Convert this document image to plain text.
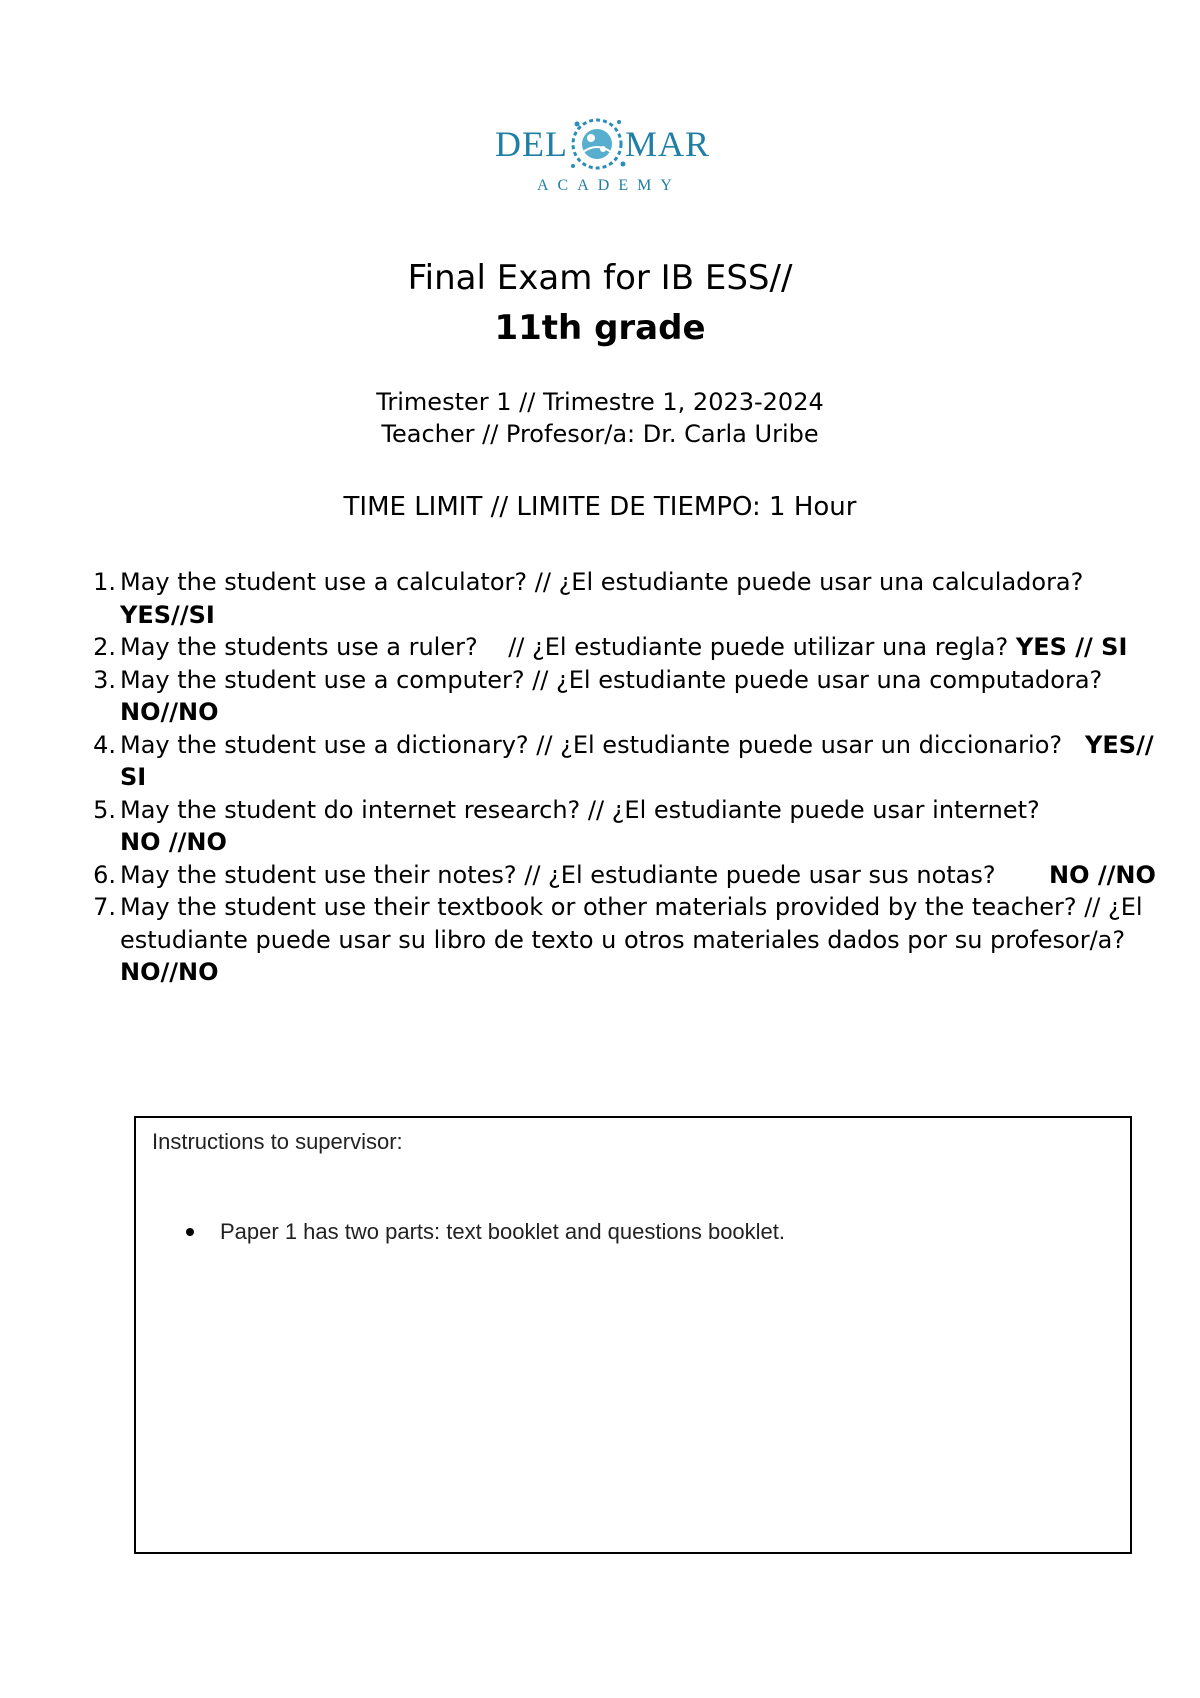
DEL MAR
ACADEMY
Final Exam for IB ESS//
11th grade
Trimester 1 // Trimestre 1, 2023-2024
Teacher // Profesor/a: Dr. Carla Uribe
TIME LIMIT // LIMITE DE TIEMPO: 1 Hour
1. May the student use a calculator? // ¿El estudiante puede usar una calculadora?
YES//SI
2. May the students use a ruler?    // ¿El estudiante puede utilizar una regla? YES // SI
3. May the student use a computer? // ¿El estudiante puede usar una computadora?
NO//NO
4. May the student use a dictionary? // ¿El estudiante puede usar un diccionario? YES// SI
5. May the student do internet research? // ¿El estudiante puede usar internet?
NO //NO
6. May the student use their notes? // ¿El estudiante puede usar sus notas? NO //NO
7. May the student use their textbook or other materials provided by the teacher? // ¿El estudiante puede usar su libro de texto u otros materiales dados por su profesor/a?
NO//NO
Instructions to supervisor:
Paper 1 has two parts: text booklet and questions booklet.
